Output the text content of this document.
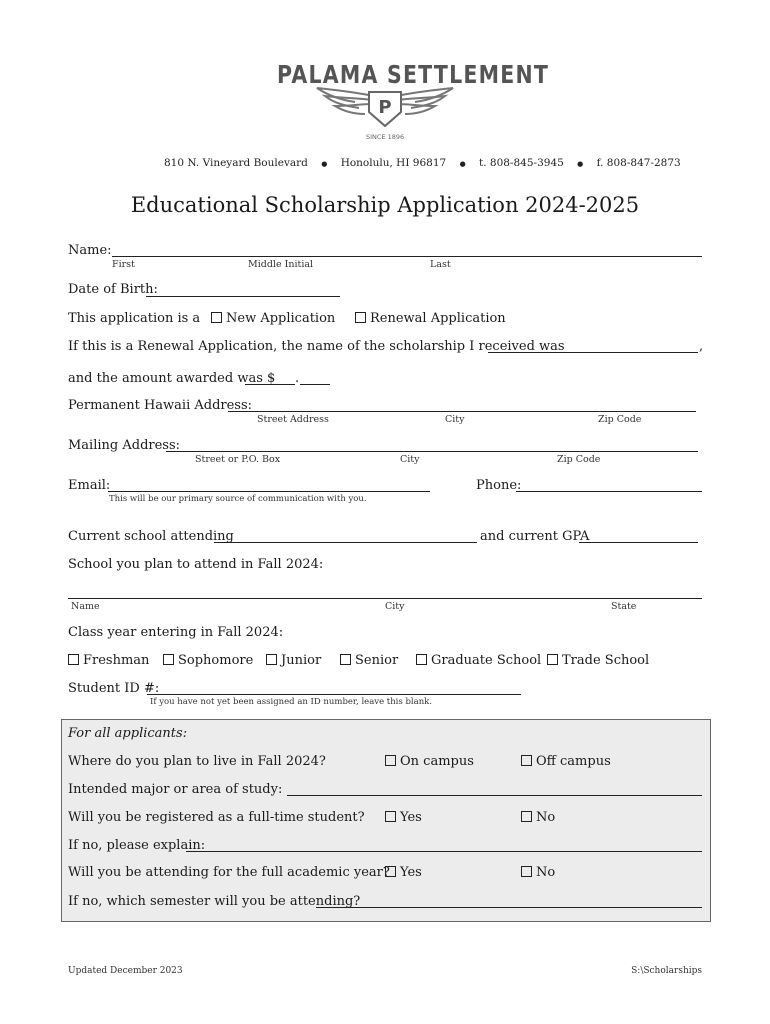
PALAMA SETTLEMENT
P
SINCE 1896
810 N. Vineyard Boulevard ● Honolulu, HI 96817 ● t. 808-845-3945 ● f. 808-847-2873
Educational Scholarship Application 2024-2025
Name:
First	Middle Initial	Last
Date of Birth:
This application is a	New Application	Renewal Application
If this is a Renewal Application, the name of the scholarship I received was	,
and the amount awarded was $ .
Permanent Hawaii Address:
Street Address	City	Zip Code
Mailing Address:
Street or P.O. Box	City	Zip Code
Email:
This will be our primary source of communication with you.
Phone:
Current school attending	and current GPA
School you plan to attend in Fall 2024:
Name	City	State
Class year entering in Fall 2024:
Freshman	Sophomore	Junior	Senior	Graduate School	Trade School
Student ID #:
If you have not yet been assigned an ID number, leave this blank.
For all applicants:
Where do you plan to live in Fall 2024?	On campus	Off campus
Intended major or area of study:
Will you be registered as a full-time student?	Yes	No
If no, please explain:
Will you be attending for the full academic year? Yes	No
If no, which semester will you be attending?
Updated December 2023	S:\Scholarships
